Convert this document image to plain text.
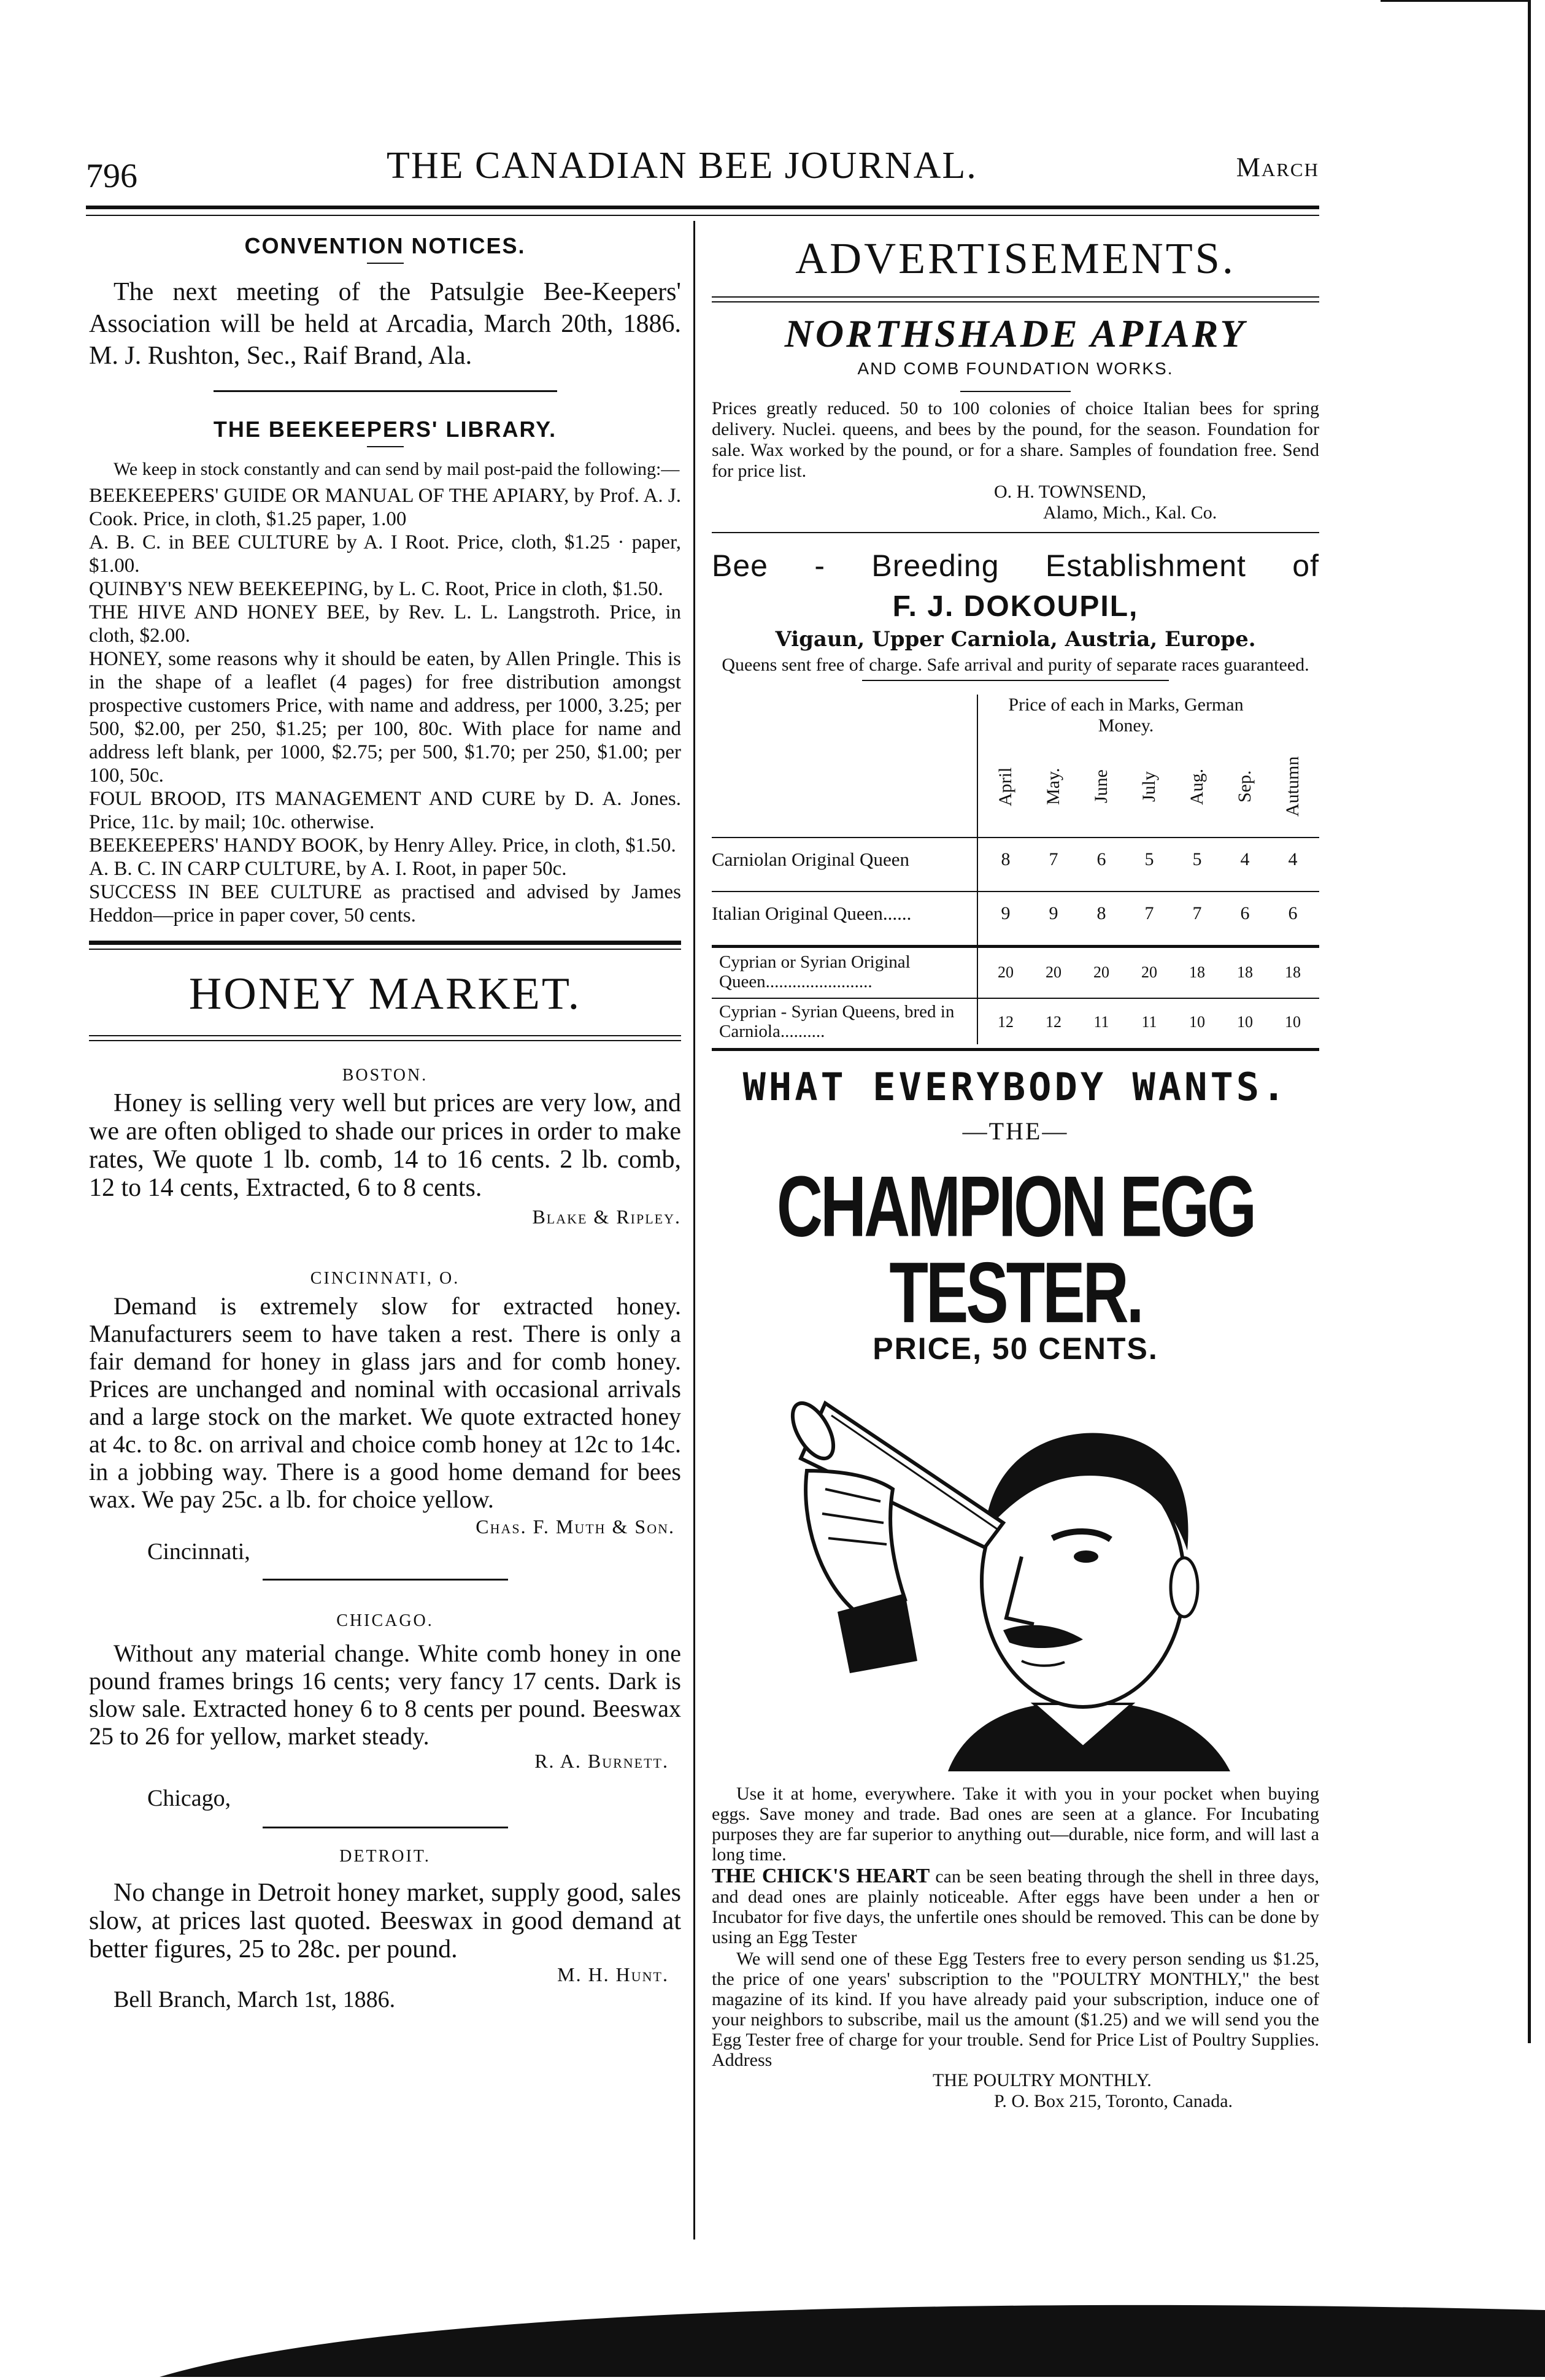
796	THE CANADIAN BEE JOURNAL.	March
CONVENTION NOTICES.

The next meeting of the Patsulgie Bee-Keepers' Association will be held at Arcadia, March 20th, 1886. M. J. Rushton, Sec., Raif Brand, Ala.

THE BEEKEEPERS' LIBRARY.

We keep in stock constantly and can send by mail post-paid the following:—

BEEKEEPERS' GUIDE OR MANUAL OF THE APIARY, by Prof. A. J. Cook. Price, in cloth, $1.25 paper, 1.00

A. B. C. in BEE CULTURE by A. I Root. Price, cloth, $1.25 · paper, $1.00.

QUINBY'S NEW BEEKEEPING, by L. C. Root, Price in cloth, $1.50.

THE HIVE AND HONEY BEE, by Rev. L. L. Langstroth. Price, in cloth, $2.00.

HONEY, some reasons why it should be eaten, by Allen Pringle. This is in the shape of a leaflet (4 pages) for free distribution amongst prospective customers Price, with name and address, per 1000, 3.25; per 500, $2.00, per 250, $1.25; per 100, 80c. With place for name and address left blank, per 1000, $2.75; per 500, $1.70; per 250, $1.00; per 100, 50c.

FOUL BROOD, ITS MANAGEMENT AND CURE by D. A. Jones. Price, 11c. by mail; 10c. otherwise.

BEEKEEPERS' HANDY BOOK, by Henry Alley. Price, in cloth, $1.50.

A. B. C. IN CARP CULTURE, by A. I. Root, in paper 50c.

SUCCESS IN BEE CULTURE as practised and advised by James Heddon—price in paper cover, 50 cents.

HONEY MARKET.
BOSTON.

Honey is selling very well but prices are very low, and we are often obliged to shade our prices in order to make rates, We quote 1 lb. comb, 14 to 16 cents. 2 lb. comb, 12 to 14 cents, Extracted, 6 to 8 cents.

Blake & Ripley.
CINCINNATI, O.

Demand is extremely slow for extracted honey. Manufacturers seem to have taken a rest. There is only a fair demand for honey in glass jars and for comb honey. Prices are unchanged and nominal with occasional arrivals and a large stock on the market. We quote extracted honey at 4c. to 8c. on arrival and choice comb honey at 12c to 14c. in a jobbing way. There is a good home demand for bees wax. We pay 25c. a lb. for choice yellow.

Chas. F. Muth & Son.
Cincinnati,
CHICAGO.

Without any material change. White comb honey in one pound frames brings 16 cents; very fancy 17 cents. Dark is slow sale. Extracted honey 6 to 8 cents per pound. Beeswax 25 to 26 for yellow, market steady.

R. A. Burnett.
Chicago,
DETROIT.

No change in Detroit honey market, supply good, sales slow, at prices last quoted. Beeswax in good demand at better figures, 25 to 28c. per pound.

M. H. Hunt.
Bell Branch, March 1st, 1886.
ADVERTISEMENTS.
NORTHSHADE APIARY
AND COMB FOUNDATION WORKS.

Prices greatly reduced. 50 to 100 colonies of choice Italian bees for spring delivery. Nuclei. queens, and bees by the pound, for the season. Foundation for sale. Wax worked by the pound, or for a share. Samples of foundation free. Send for price list.

O. H. TOWNSEND,
Alamo, Mich., Kal. Co.
Bee - Breeding Establishment of
F. J. DOKOUPIL,
Vigaun, Upper Carniola, Austria, Europe.

Queens sent free of charge. Safe arrival and purity of separate races guaranteed.

Price of each in Marks, German Money.
April	May.	June	July	Aug.	Sep.	Autumn
Carniolan Original Queen	8	7	6	5	5	4	4
Italian Original Queen......	9	9	8	7	7	6	6
Cyprian or Syrian Original Queen........................	20	20	20	20	18	18	18
Cyprian - Syrian Queens, bred in Carniola..........	12	12	11	11	10	10	10
WHAT EVERYBODY WANTS.
—THE—
CHAMPION EGG TESTER.
PRICE, 50 CENTS.

Use it at home, everywhere. Take it with you in your pocket when buying eggs. Save money and trade. Bad ones are seen at a glance. For Incubating purposes they are far superior to anything out—durable, nice form, and will last a long time.

THE CHICK'S HEART can be seen beating through the shell in three days, and dead ones are plainly noticeable. After eggs have been under a hen or Incubator for five days, the unfertile ones should be removed. This can be done by using an Egg Tester

We will send one of these Egg Testers free to every person sending us $1.25, the price of one years' subscription to the "POULTRY MONTHLY," the best magazine of its kind. If you have already paid your subscription, induce one of your neighbors to subscribe, mail us the amount ($1.25) and we will send you the Egg Tester free of charge for your trouble. Send for Price List of Poultry Supplies. Address

THE POULTRY MONTHLY.
P. O. Box 215, Toronto, Canada.
